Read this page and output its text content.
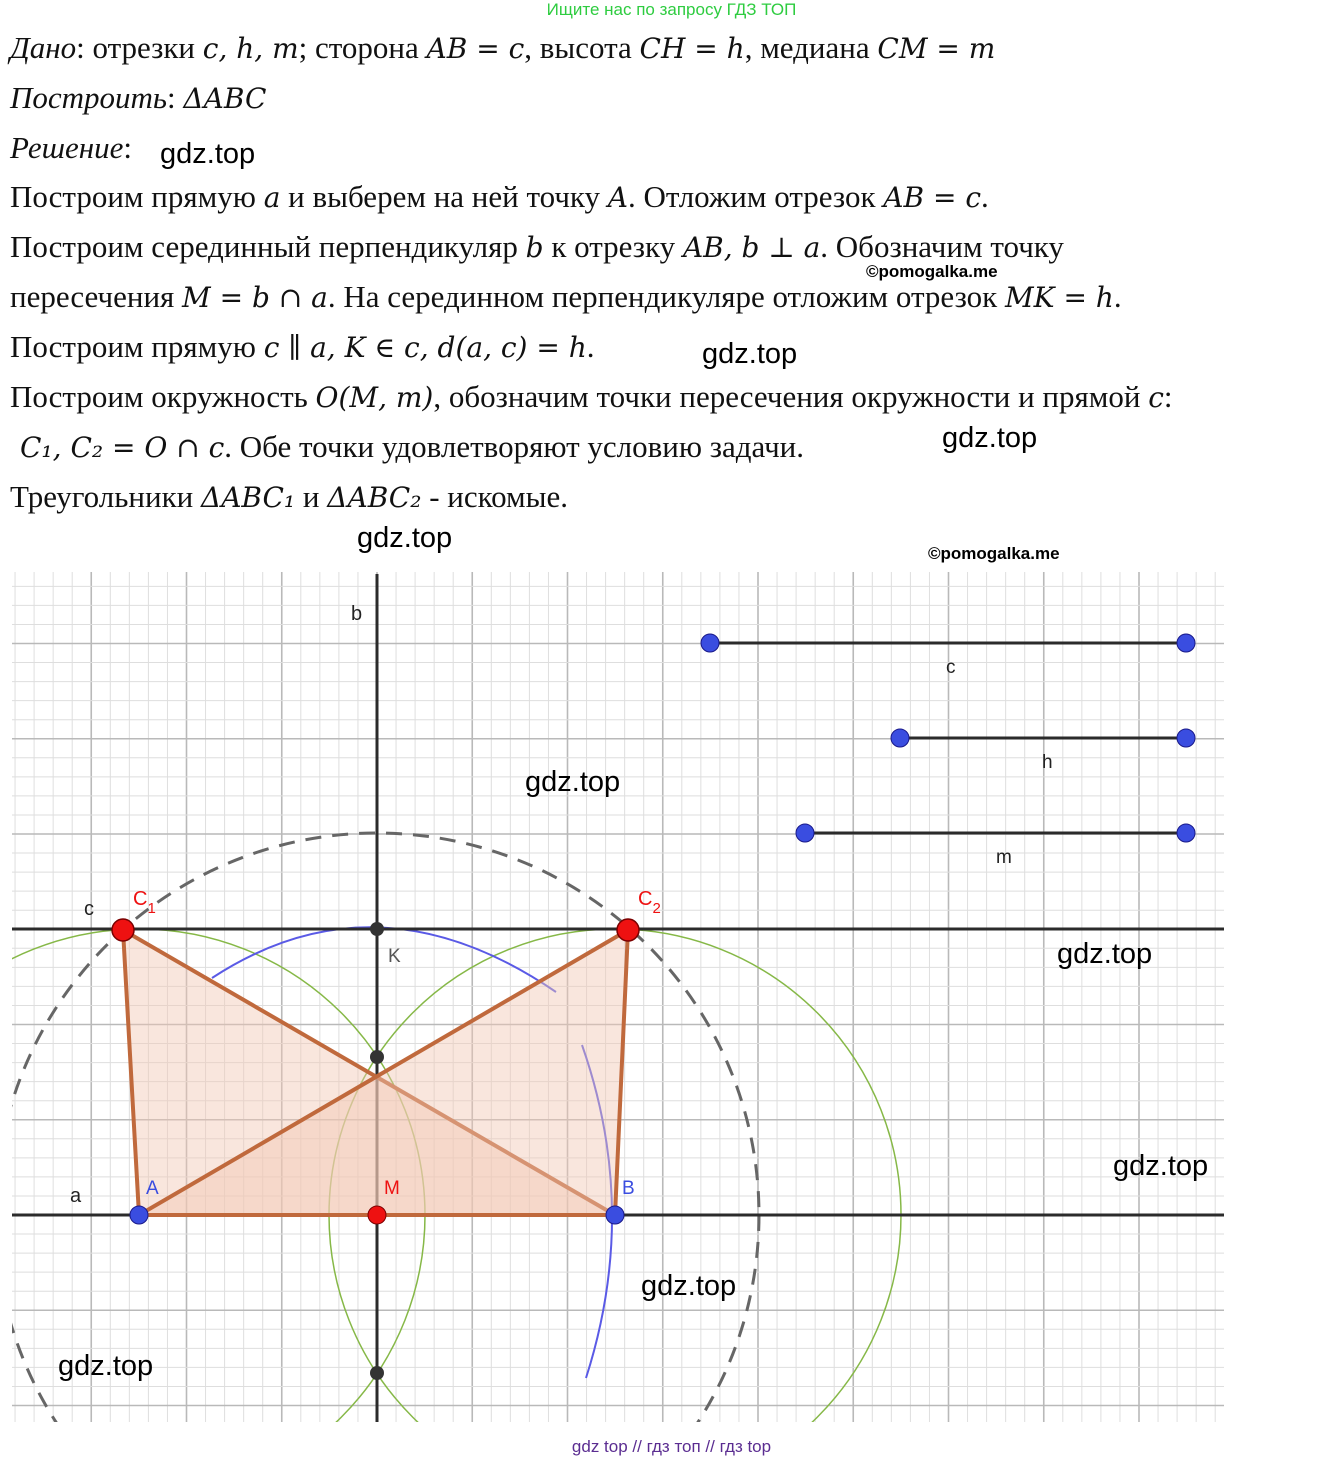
Ищите нас по запросу ГДЗ ТОП
Дано: отрезки c, h, m; сторона AB = c, высота CH = h, медиана CM = m
Построить: ΔABC
Решение:
Построим прямую a и выберем на ней точку A. Отложим отрезок AB = c.
Построим серединный перпендикуляр b к отрезку AB, b ⊥ a. Обозначим точку
пересечения M = b ∩ a. На серединном перпендикуляре отложим отрезок MK = h.
Построим прямую c ∥ a, K ∈ c, d(a, c) = h.
Построим окружность O(M, m), обозначим точки пересечения окружности и прямой c:
C₁, C₂ = O ∩ c. Обе точки удовлетворяют условию задачи.
Треугольники ΔABC₁ и ΔABC₂ - искомые.
b
c
a
c
h
m
A	B
M
K
$C_1$	$C_2$
gdz.top
©pomogalka.me
gdz.top
gdz.top
gdz.top	©pomogalka.me
gdz.top
gdz.top
gdz.top
gdz.top
gdz.top
gdz top // гдз топ // гдз top
